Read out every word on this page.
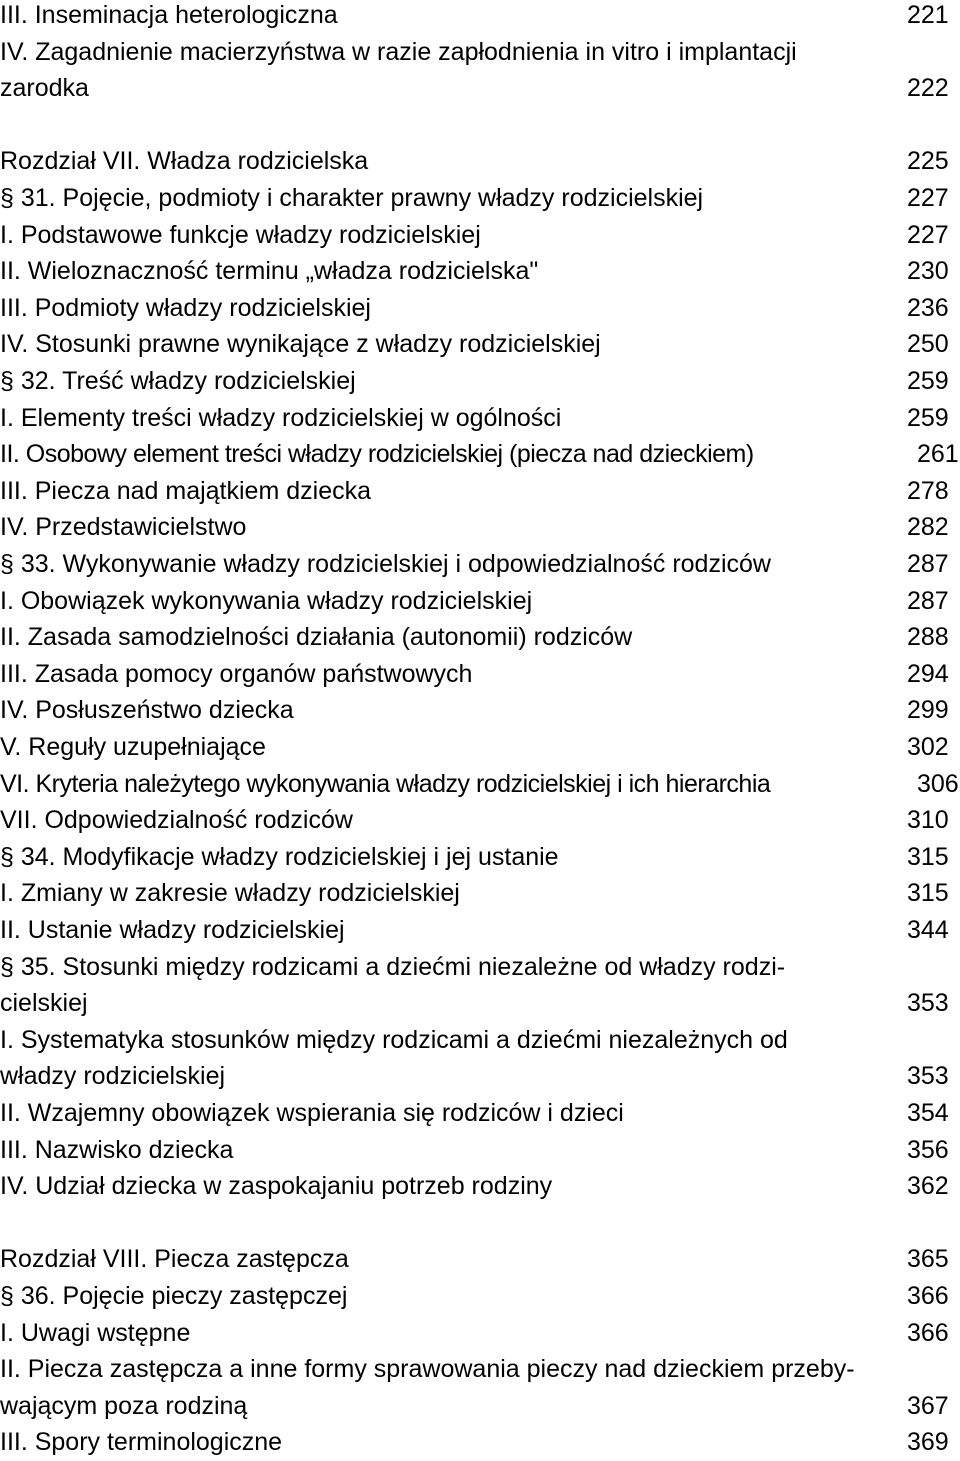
III. Inseminacja heterologiczna	221
IV. Zagadnienie macierzyństwa w razie zapłodnienia in vitro i implantacji
zarodka	222
Rozdział VII. Władza rodzicielska	225
§ 31. Pojęcie, podmioty i charakter prawny władzy rodzicielskiej	227
I. Podstawowe funkcje władzy rodzicielskiej	227
II. Wieloznaczność terminu „władza rodzicielska"	230
III. Podmioty władzy rodzicielskiej	236
IV. Stosunki prawne wynikające z władzy rodzicielskiej	250
§ 32. Treść władzy rodzicielskiej	259
I. Elementy treści władzy rodzicielskiej w ogólności	259
II. Osobowy element treści władzy rodzicielskiej (piecza nad dzieckiem)	261
III. Piecza nad majątkiem dziecka	278
IV. Przedstawicielstwo	282
§ 33. Wykonywanie władzy rodzicielskiej i odpowiedzialność rodziców	287
I. Obowiązek wykonywania władzy rodzicielskiej	287
II. Zasada samodzielności działania (autonomii) rodziców	288
III. Zasada pomocy organów państwowych	294
IV. Posłuszeństwo dziecka	299
V. Reguły uzupełniające	302
VI. Kryteria należytego wykonywania władzy rodzicielskiej i ich hierarchia	306
VII. Odpowiedzialność rodziców	310
§ 34. Modyfikacje władzy rodzicielskiej i jej ustanie	315
I. Zmiany w zakresie władzy rodzicielskiej	315
II. Ustanie władzy rodzicielskiej	344
§ 35. Stosunki między rodzicami a dziećmi niezależne od władzy rodzi-
cielskiej	353
I. Systematyka stosunków między rodzicami a dziećmi niezależnych od
władzy rodzicielskiej	353
II. Wzajemny obowiązek wspierania się rodziców i dzieci	354
III. Nazwisko dziecka	356
IV. Udział dziecka w zaspokajaniu potrzeb rodziny	362
Rozdział VIII. Piecza zastępcza	365
§ 36. Pojęcie pieczy zastępczej	366
I. Uwagi wstępne	366
II. Piecza zastępcza a inne formy sprawowania pieczy nad dzieckiem przeby-
wającym poza rodziną	367
III. Spory terminologiczne	369
